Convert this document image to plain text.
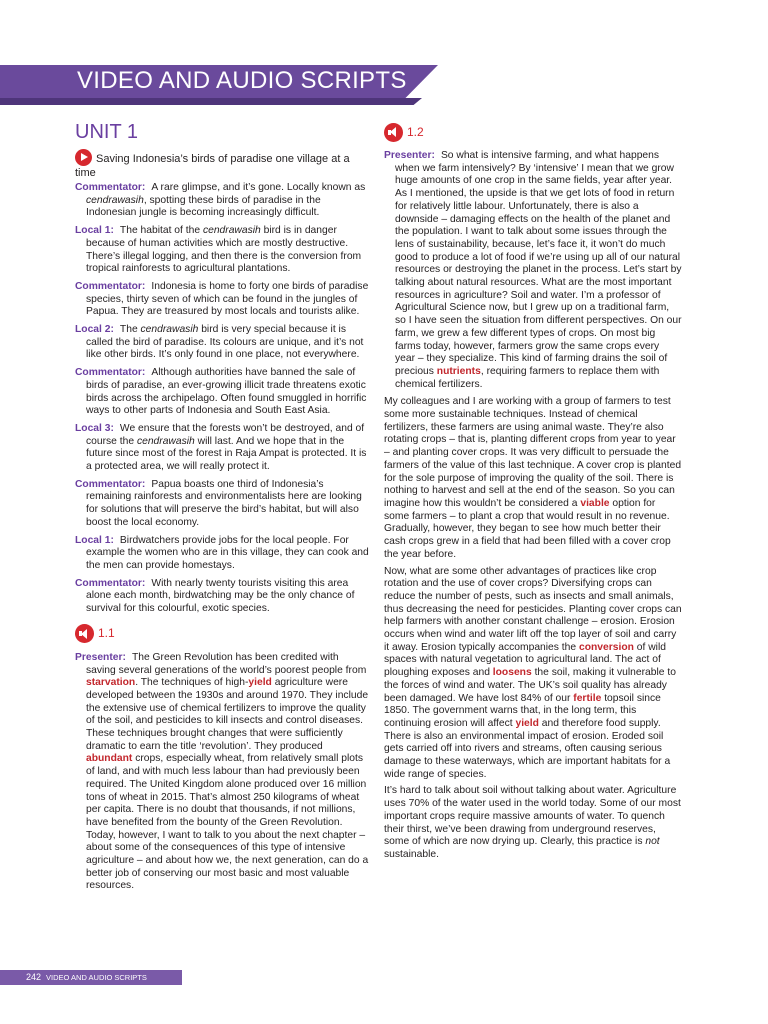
VIDEO AND AUDIO SCRIPTS
UNIT 1
Saving Indonesia’s birds of paradise one village at a time
Commentator: A rare glimpse, and it’s gone. Locally known as cendrawasih, spotting these birds of paradise in the Indonesian jungle is becoming increasingly difficult.
Local 1: The habitat of the cendrawasih bird is in danger because of human activities which are mostly destructive. There’s illegal logging, and then there is the conversion from tropical rainforests to agricultural plantations.
Commentator: Indonesia is home to forty one birds of paradise species, thirty seven of which can be found in the jungles of Papua. They are treasured by most locals and tourists alike.
Local 2: The cendrawasih bird is very special because it is called the bird of paradise. Its colours are unique, and it’s not like other birds. It’s only found in one place, not everywhere.
Commentator: Although authorities have banned the sale of birds of paradise, an ever-growing illicit trade threatens exotic birds across the archipelago. Often found smuggled in horrific ways to other parts of Indonesia and South East Asia.
Local 3: We ensure that the forests won’t be destroyed, and of course the cendrawasih will last. And we hope that in the future since most of the forest in Raja Ampat is protected. It is a protected area, we will really protect it.
Commentator: Papua boasts one third of Indonesia’s remaining rainforests and environmentalists here are looking for solutions that will preserve the bird’s habitat, but will also boost the local economy.
Local 1: Birdwatchers provide jobs for the local people. For example the women who are in this village, they can cook and the men can provide homestays.
Commentator: With nearly twenty tourists visiting this area alone each month, birdwatching may be the only chance of survival for this colourful, exotic species.
1.1
Presenter: The Green Revolution has been credited with saving several generations of the world’s poorest people from starvation. The techniques of high-yield agriculture were developed between the 1930s and around 1970. They include the extensive use of chemical fertilizers to improve the quality of the soil, and pesticides to kill insects and control diseases. These techniques brought changes that were sufficiently dramatic to earn the title ‘revolution’. They produced abundant crops, especially wheat, from relatively small plots of land, and with much less labour than had previously been required. The United Kingdom alone produced over 16 million tons of wheat in 2015. That’s almost 250 kilograms of wheat per capita. There is no doubt that thousands, if not millions, have benefited from the bounty of the Green Revolution. Today, however, I want to talk to you about the next chapter – about some of the consequences of this type of intensive agriculture – and about how we, the next generation, can do a better job of conserving our most basic and most valuable resources.
1.2
Presenter: So what is intensive farming, and what happens when we farm intensively? By ‘intensive’ I mean that we grow huge amounts of one crop in the same fields, year after year. As I mentioned, the upside is that we get lots of food in return for relatively little labour. Unfortunately, there is also a downside – damaging effects on the health of the planet and the population. I want to talk about some issues through the lens of sustainability, because, let’s face it, it won’t do much good to produce a lot of food if we’re using up all of our natural resources or destroying the planet in the process. Let’s start by talking about natural resources. What are the most important resources in agriculture? Soil and water. I’m a professor of Agricultural Science now, but I grew up on a traditional farm, so I have seen the situation from different perspectives. On our farm, we grew a few different types of crops. On most big farms today, however, farmers grow the same crops every year – they specialize. This kind of farming drains the soil of precious nutrients, requiring farmers to replace them with chemical fertilizers.
My colleagues and I are working with a group of farmers to test some more sustainable techniques. Instead of chemical fertilizers, these farmers are using animal waste. They’re also rotating crops – that is, planting different crops from year to year – and planting cover crops. It was very difficult to persuade the farmers of the value of this last technique. A cover crop is planted for the sole purpose of improving the quality of the soil. There is nothing to harvest and sell at the end of the season. So you can imagine how this wouldn’t be considered a viable option for some farmers – to plant a crop that would result in no revenue. Gradually, however, they began to see how much better their cash crops grew in a field that had been filled with a cover crop the year before.
Now, what are some other advantages of practices like crop rotation and the use of cover crops? Diversifying crops can reduce the number of pests, such as insects and small animals, thus decreasing the need for pesticides. Planting cover crops can help farmers with another constant challenge – erosion. Erosion occurs when wind and water lift off the top layer of soil and carry it away. Erosion typically accompanies the conversion of wild spaces with natural vegetation to agricultural land. The act of ploughing exposes and loosens the soil, making it vulnerable to the forces of wind and water. The UK’s soil quality has already been damaged. We have lost 84% of our fertile topsoil since 1850. The government warns that, in the long term, this continuing erosion will affect yield and therefore food supply. There is also an environmental impact of erosion. Eroded soil gets carried off into rivers and streams, often causing serious damage to these waterways, which are important habitats for a wide range of species.
It’s hard to talk about soil without talking about water. Agriculture uses 70% of the water used in the world today. Some of our most important crops require massive amounts of water. To quench their thirst, we’ve been drawing from underground reserves, some of which are now drying up. Clearly, this practice is not sustainable.
242 VIDEO AND AUDIO SCRIPTS
